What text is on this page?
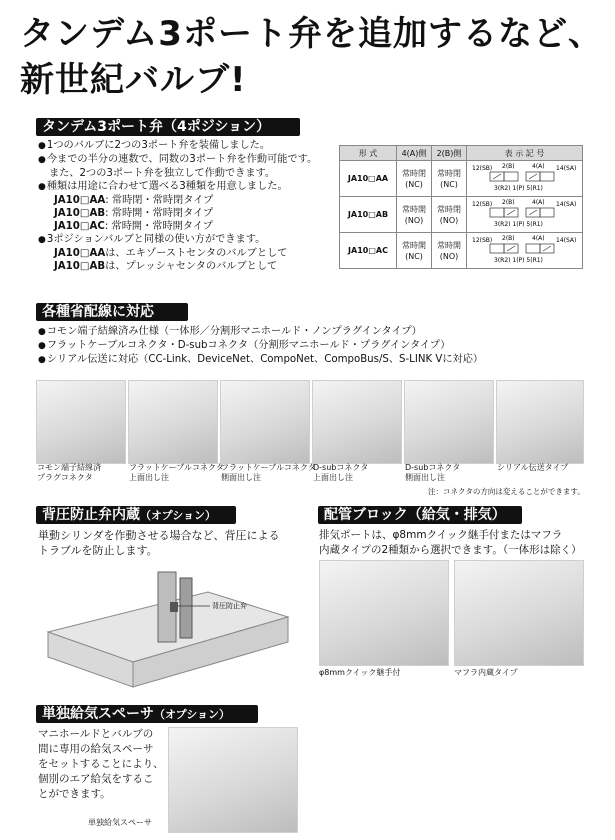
タンデム3ポート弁を追加するなど、
新世紀バルブ!
タンデム3ポート弁（4ポジション）
● 1つのバルブに2つの3ポート弁を装備しました。
● 今までの半分の連数で、同数の3ポート弁を作動可能です。
また、2つの3ポート弁を独立して作動できます。
● 種類は用途に合わせて選べる3種類を用意しました。
JA10□AA: 常時閉・常時閉タイプ
JA10□AB: 常時開・常時閉タイプ
JA10□AC: 常時開・常時開タイプ
● 3ポジションバルブと同様の使い方ができます。
JA10□AAは、エキゾーストセンタのバルブとして
JA10□ABは、プレッシャセンタのバルブとして
形 式	4(A)側	2(B)側	表 示 記 号
JA10□AA	常時閉
(NC)	常時閉
(NC)	12(SB) 2(B) 4(A) 14(SA)
3(R2) 1(P) 5(R1)

JA10□AB	常時開
(NO)	常時閉
(NO)	12(SB) 2(B) 4(A) 14(SA)
3(R2) 1(P) 5(R1)

JA10□AC	常時開
(NC)	常時開
(NO)	12(SB) 2(B) 4(A) 14(SA)
3(R2) 1(P) 5(R1)
各種省配線に対応
● コモン端子結線済み仕様（一体形／分割形マニホールド・ノンプラグインタイプ）
● フラットケーブルコネクタ・D-subコネクタ（分割形マニホールド・プラグインタイプ）
● シリアル伝送に対応（CC-Link、DeviceNet、CompoNet、CompoBus/S、S-LINK Vに対応）
コモン端子結線済
プラグコネクタ
フラットケーブルコネクタ
上面出し注
フラットケーブルコネクタ
側面出し注
D-subコネクタ
上面出し注
D-subコネクタ
側面出し注
シリアル伝送タイプ
注：コネクタの方向は変えることができます。
背圧防止弁内蔵（オプション）
単動シリンダを作動させる場合など、背圧による
トラブルを防止します。
背圧防止弁
配管ブロック（給気・排気）
排気ポートは、φ8mmクイック継手付またはマフラ
内蔵タイプの2種類から選択できます。（一体形は除く）
φ8mmクイック継手付	マフラ内蔵タイプ
単独給気スペーサ（オプション）
マニホールドとバルブの
間に専用の給気スペーサ
をセットすることにより、
個別のエア給気をするこ
とができます。
単独給気スペーサ
